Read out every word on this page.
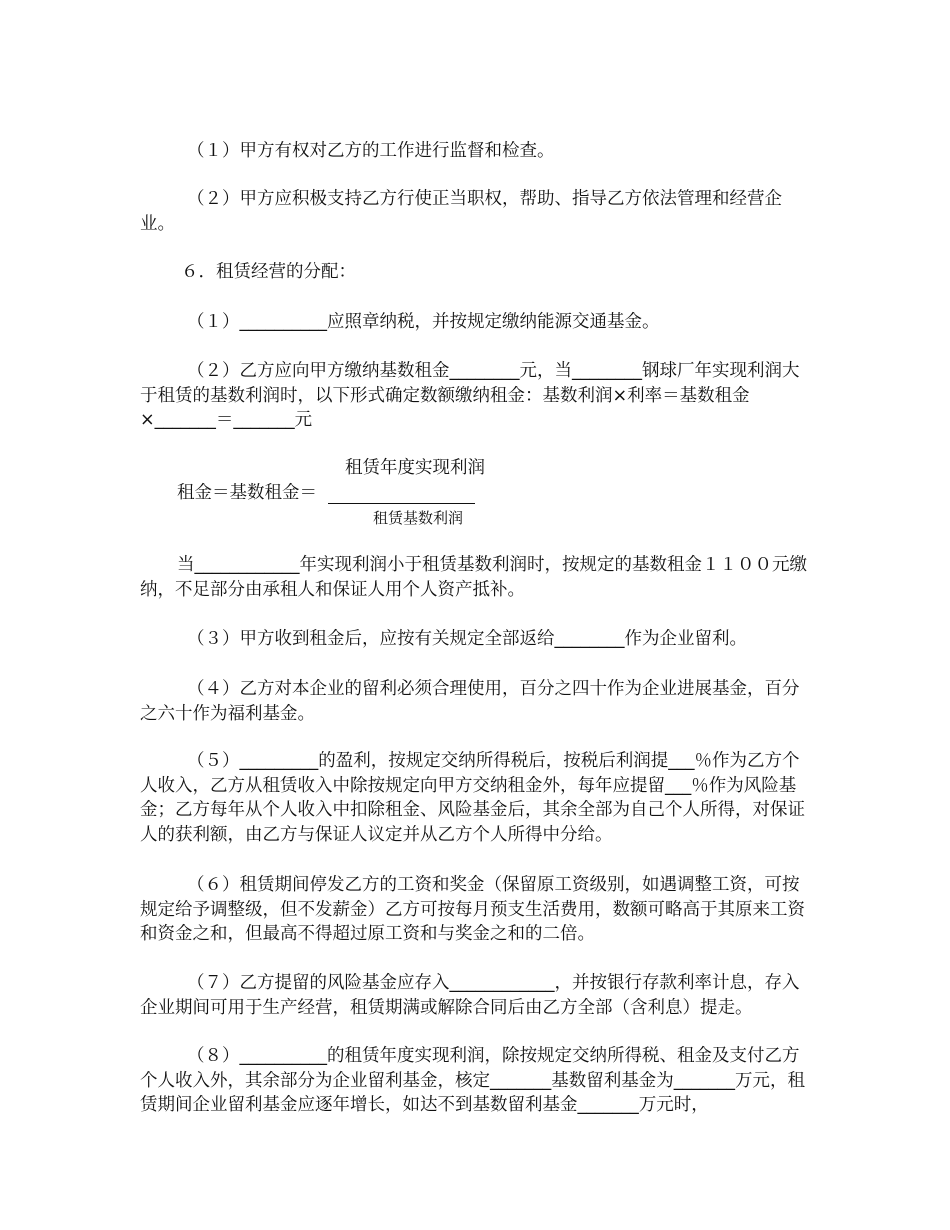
（１）甲方有权对乙方的工作进行监督和检查。

（２）甲方应积极支持乙方行使正当职权，帮助、指导乙方依法管理和经营企业。

６．租赁经营的分配：

（１）__________应照章纳税，并按规定缴纳能源交通基金。

（２）乙方应向甲方缴纳基数租金________元，当________钢球厂年实现利润大于租赁的基数利润时，以下形式确定数额缴纳租金：基数利润×利率＝基数租金×_______＝_______元

租赁年度实现利润
租金＝基数租金＝
租赁基数利润

当____________年实现利润小于租赁基数利润时，按规定的基数租金１１００元缴纳，不足部分由承租人和保证人用个人资产抵补。

（３）甲方收到租金后，应按有关规定全部返给________作为企业留利。

（４）乙方对本企业的留利必须合理使用，百分之四十作为企业进展基金，百分之六十作为福利基金。

（５）_________的盈利，按规定交纳所得税后，按税后利润提___％作为乙方个人收入，乙方从租赁收入中除按规定向甲方交纳租金外，每年应提留___％作为风险基金；乙方每年从个人收入中扣除租金、风险基金后，其余全部为自己个人所得，对保证人的获利额，由乙方与保证人议定并从乙方个人所得中分给。

（６）租赁期间停发乙方的工资和奖金（保留原工资级别，如遇调整工资，可按规定给予调整级，但不发薪金）乙方可按每月预支生活费用，数额可略高于其原来工资和资金之和，但最高不得超过原工资和与奖金之和的二倍。

（７）乙方提留的风险基金应存入____________，并按银行存款利率计息，存入企业期间可用于生产经营，租赁期满或解除合同后由乙方全部（含利息）提走。

（８）__________的租赁年度实现利润，除按规定交纳所得税、租金及支付乙方个人收入外，其余部分为企业留利基金，核定_______基数留利基金为_______万元，租赁期间企业留利基金应逐年增长，如达不到基数留利基金_______万元时，
